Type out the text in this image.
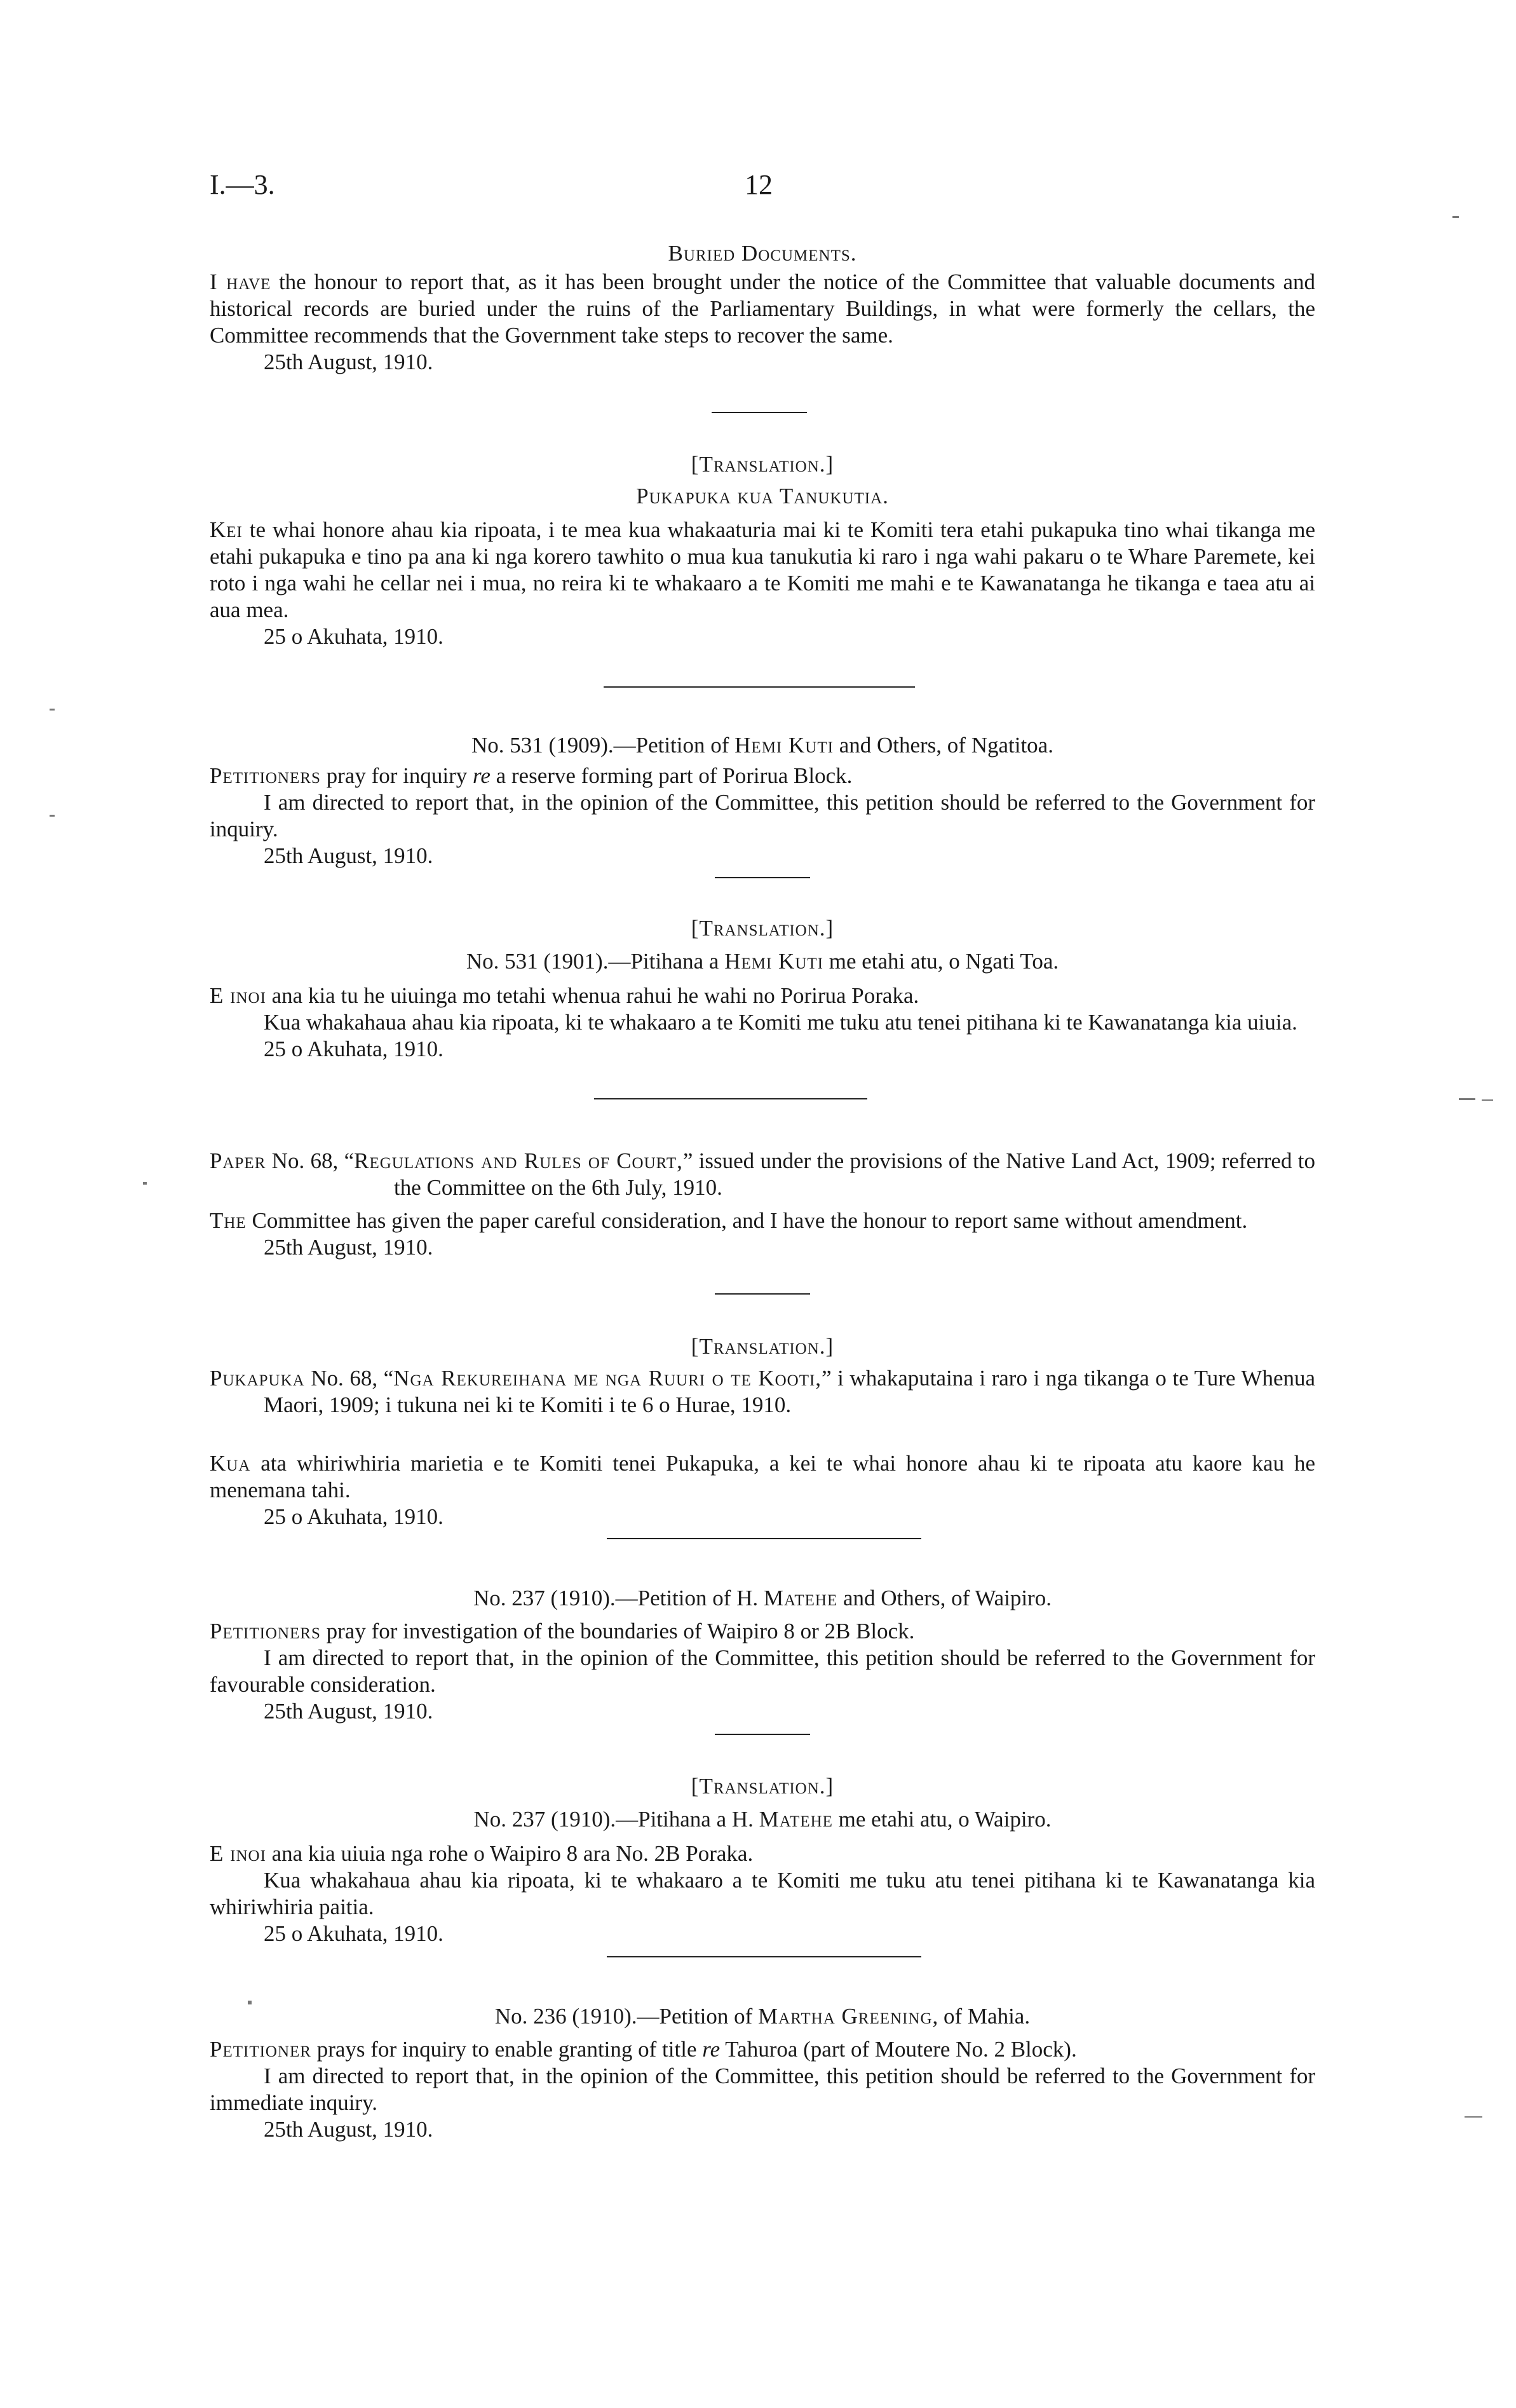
I.—3.	12
Buried Documents.

I have the honour to report that, as it has been brought under the notice of the Committee that valuable documents and historical records are buried under the ruins of the Parliamentary Buildings, in what were formerly the cellars, the Committee recommends that the Government take steps to recover the same.

25th August, 1910.

[Translation.]
Pukapuka kua Tanukutia.

Kei te whai honore ahau kia ripoata, i te mea kua whakaaturia mai ki te Komiti tera etahi pukapuka tino whai tikanga me etahi pukapuka e tino pa ana ki nga korero tawhito o mua kua tanukutia ki raro i nga wahi pakaru o te Whare Paremete, kei roto i nga wahi he cellar nei i mua, no reira ki te whakaaro a te Komiti me mahi e te Kawanatanga he tikanga e taea atu ai aua mea.

25 o Akuhata, 1910.

No. 531 (1909).—Petition of Hemi Kuti and Others, of Ngatitoa.

Petitioners pray for inquiry re a reserve forming part of Porirua Block.

I am directed to report that, in the opinion of the Committee, this petition should be referred to the Government for inquiry.

25th August, 1910.

[Translation.]
No. 531 (1901).—Pitihana a Hemi Kuti me etahi atu, o Ngati Toa.

E inoi ana kia tu he uiuinga mo tetahi whenua rahui he wahi no Porirua Poraka.

Kua whakahaua ahau kia ripoata, ki te whakaaro a te Komiti me tuku atu tenei pitihana ki te Kawanatanga kia uiuia.

25 o Akuhata, 1910.

Paper No. 68, “Regulations and Rules of Court,” issued under the provisions of the Native Land Act, 1909; referred to the Committee on the 6th July, 1910.

The Committee has given the paper careful consideration, and I have the honour to report same without amendment.

25th August, 1910.

[Translation.]

Pukapuka No. 68, “Nga Rekureihana me nga Ruuri o te Kooti,” i whakaputaina i raro i nga tikanga o te Ture Whenua Maori, 1909; i tukuna nei ki te Komiti i te 6 o Hurae, 1910.

Kua ata whiriwhiria marietia e te Komiti tenei Pukapuka, a kei te whai honore ahau ki te ripoata atu kaore kau he menemana tahi.

25 o Akuhata, 1910.

No. 237 (1910).—Petition of H. Matehe and Others, of Waipiro.

Petitioners pray for investigation of the boundaries of Waipiro 8 or 2B Block.

I am directed to report that, in the opinion of the Committee, this petition should be referred to the Government for favourable consideration.

25th August, 1910.

[Translation.]
No. 237 (1910).—Pitihana a H. Matehe me etahi atu, o Waipiro.

E inoi ana kia uiuia nga rohe o Waipiro 8 ara No. 2B Poraka.

Kua whakahaua ahau kia ripoata, ki te whakaaro a te Komiti me tuku atu tenei pitihana ki te Kawanatanga kia whiriwhiria paitia.

25 o Akuhata, 1910.

No. 236 (1910).—Petition of Martha Greening, of Mahia.

Petitioner prays for inquiry to enable granting of title re Tahuroa (part of Moutere No. 2 Block).

I am directed to report that, in the opinion of the Committee, this petition should be referred to the Government for immediate inquiry.

25th August, 1910.
